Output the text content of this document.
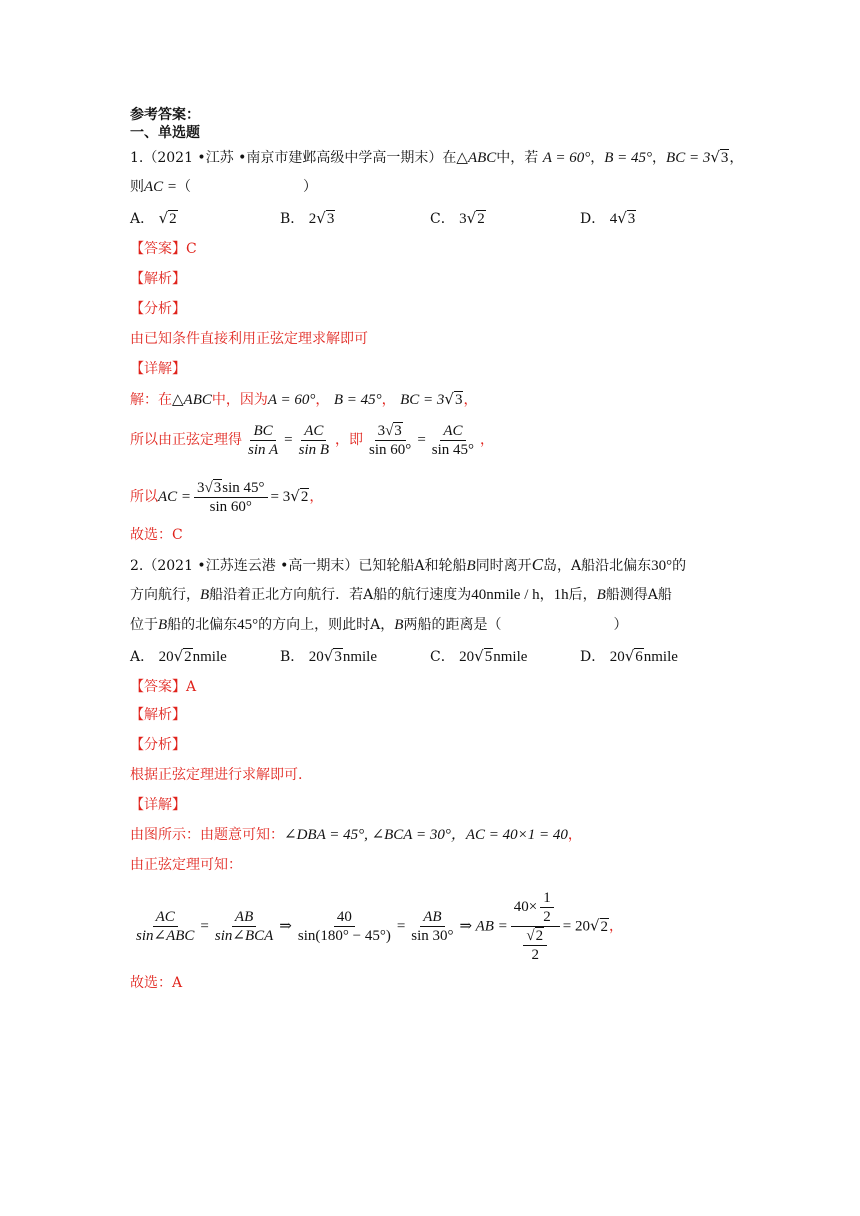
参考答案：
一、单选题
1.（2021 •江苏 •南京市建邺高级中学高一期末）在△ABC中，若 A = 60°，B = 45°，BC = 3√3，
则AC =（　　　　　　　　）
A． √2	B． 2√3	C． 3√2	D． 4√3
【答案】C
【解析】
【分析】
由已知条件直接利用正弦定理求解即可
【详解】
解：在△ABC中，因为A = 60°， B = 45°， BC = 3√3，
所以由正弦定理得 $\frac{BC}{\text{sin A}} = \frac{AC}{\text{sin B}}$ ，即 $\frac{3√3}{\sin 60^\circ} = \frac{AC}{\sin 45^\circ}$ ，
所以AC = $\frac{3√3\sin 45^\circ}{\sin 60^\circ} = 3√2$，
故选：C
2.（2021 •江苏连云港 •高一期末）已知轮船A和轮船B同时离开C岛，A船沿北偏东30°的
方向航行，B船沿着正北方向航行．若A船的航行速度为40nmile / h，1h后，B船测得A船
位于B船的北偏东45°的方向上，则此时A，B两船的距离是（　　　　　　　　）
A． 20√2nmile	B． 20√3nmile	C． 20√5nmile	D． 20√6nmile
【答案】A
【解析】
【分析】
根据正弦定理进行求解即可.
【详解】
由图所示：由题意可知：∠DBA = 45°, ∠BCA = 30°，AC = 40×1 = 40，
由正弦定理可知：
$\frac{AC}{\text{sin∠ABC}} = \frac{AB}{\text{sin∠BCA}}$ ⇒ $\frac{40}{\sin(180^\circ - 45^\circ)} = \frac{AB}{\sin 30^\circ}$ ⇒ AB = $\frac{40\times \frac{1}{2}}{\frac{√2}{2}} = 20√2$，
故选：A
